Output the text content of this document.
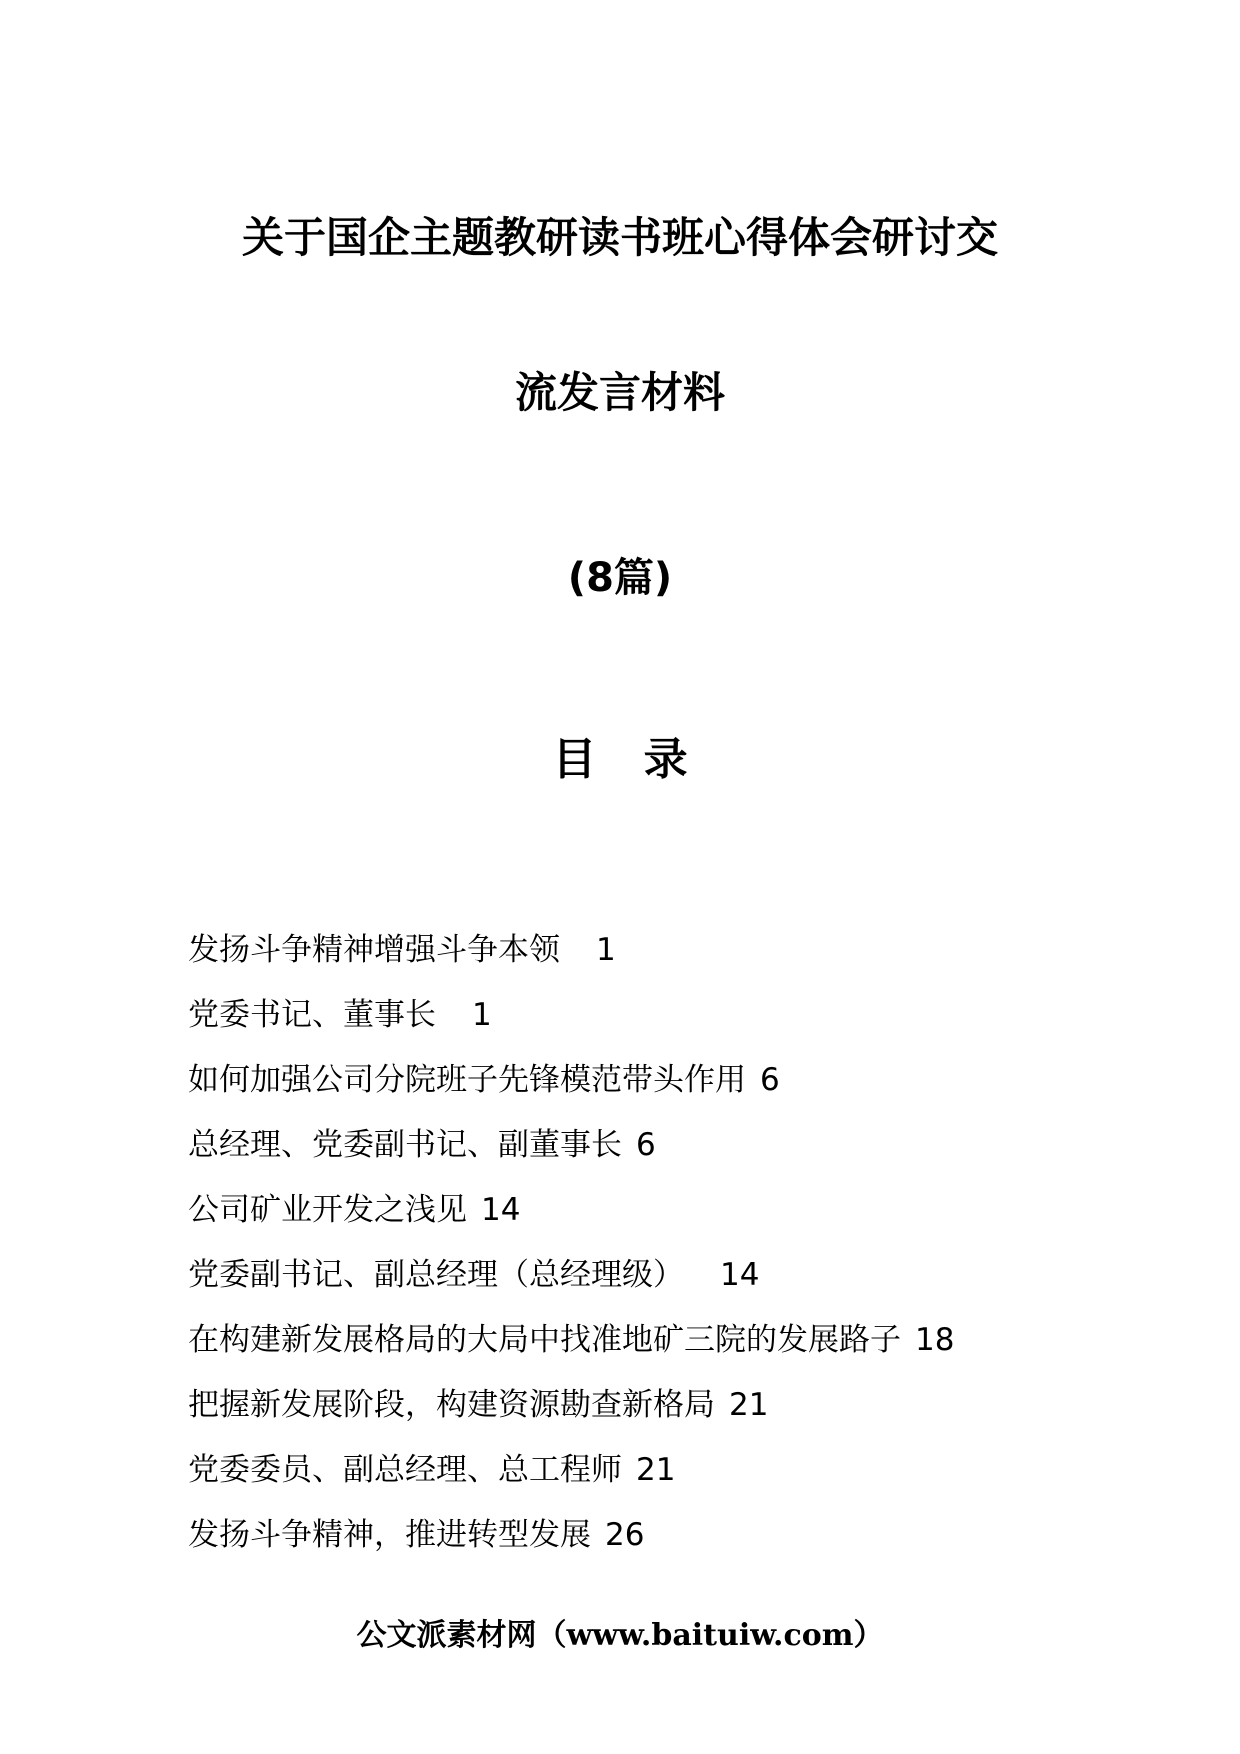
关于国企主题教研读书班心得体会研讨交
流发言材料
(8篇)
目 录
发扬斗争精神增强斗争本领 1
党委书记、董事长 1
如何加强公司分院班子先锋模范带头作用 6
总经理、党委副书记、副董事长 6
公司矿业开发之浅见 14
党委副书记、副总经理（总经理级） 14
在构建新发展格局的大局中找准地矿三院的发展路子 18
把握新发展阶段，构建资源勘查新格局 21
党委委员、副总经理、总工程师 21
发扬斗争精神，推进转型发展 26
公文派素材网（www.baituiw.com）
